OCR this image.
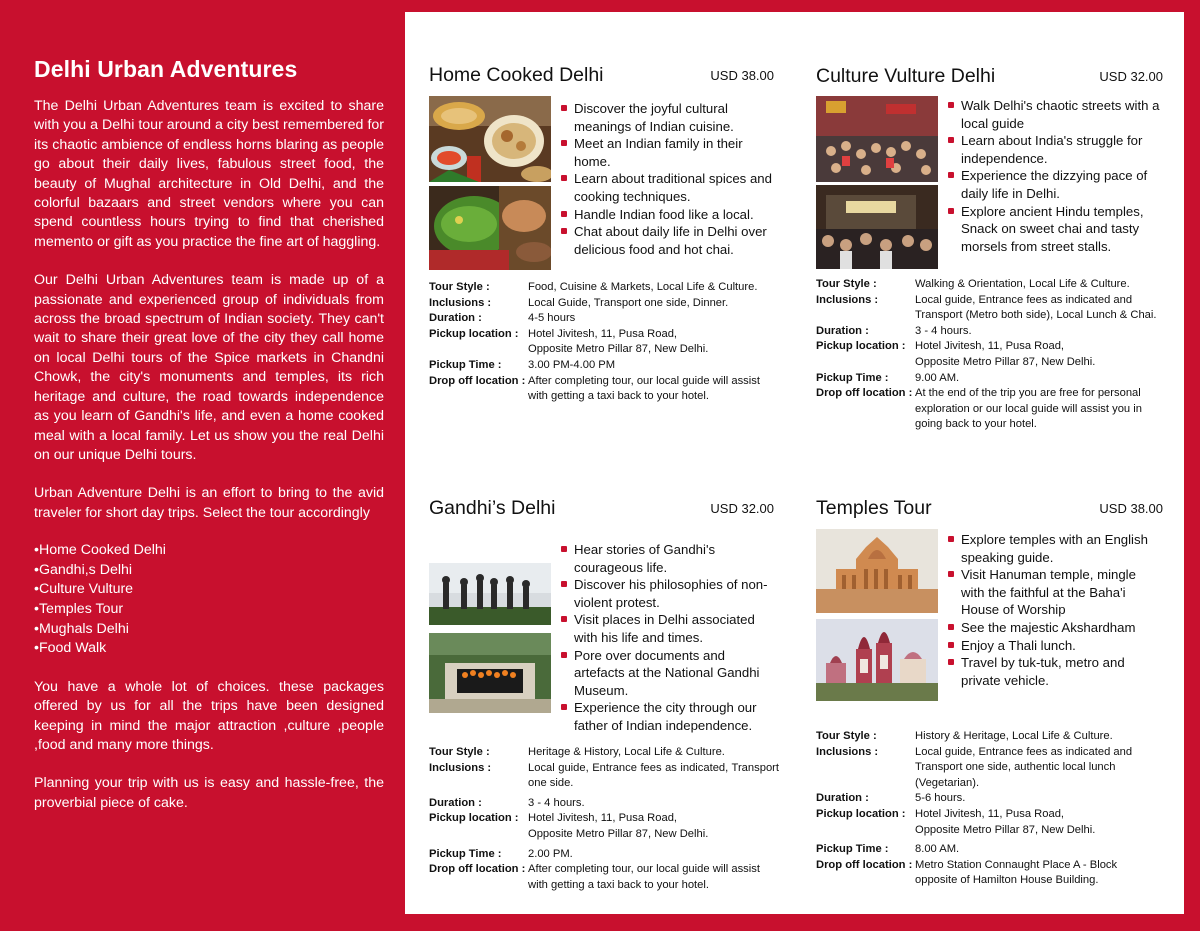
Delhi Urban Adventures

The Delhi Urban Adventures team is excited to share with you a Delhi tour around a city best remembered for its chaotic ambience of endless horns blaring as people go about their daily lives, fabulous street food, the beauty of Mughal architecture in Old Delhi, and the colorful bazaars and street vendors where you can spend countless hours trying to find that cherished memento or gift as you practice the fine art of haggling.

Our Delhi Urban Adventures team is made up of a passionate and experienced group of individuals from across the broad spectrum of Indian society. They can't wait to share their great love of the city they call home on local Delhi tours of the Spice markets in Chandni Chowk, the city's monuments and temples, its rich heritage and culture, the road towards independence as you learn of Gandhi's life, and even a home cooked meal with a local family. Let us show you the real Delhi on our unique Delhi tours.

Urban Adventure Delhi is an effort to bring to the avid traveler for short day trips. Select the tour accordingly

• Home Cooked Delhi
• Gandhi,s Delhi
• Culture Vulture
• Temples Tour
• Mughals Delhi
• Food Walk

You have a whole lot of choices. these packages offered by us for all the trips have been designed keeping in mind the major attraction ,culture ,people ,food and many more things.

Planning your trip with us is easy and hassle-free, the proverbial piece of cake.

Home Cooked Delhi	USD 38.00
Discover the joyful cultural meanings of Indian cuisine.
Meet an Indian family in their home.
Learn about traditional spices and cooking techniques.
Handle Indian food like a local.
Chat about daily life in Delhi over delicious food and hot chai.
Tour Style :	Food, Cuisine & Markets, Local Life & Culture.
Inclusions :	Local Guide, Transport one side, Dinner.
Duration :	4-5 hours
Pickup location : Hotel Jivitesh, 11, Pusa Road, Opposite Metro Pillar 87, New Delhi.
Pickup Time :	3.00 PM-4.00 PM
Drop off location : After completing tour, our local guide will assist with getting a taxi back to your hotel.
Culture Vulture Delhi	USD 32.00
Walk Delhi's chaotic streets with a local guide
Learn about India's struggle for independence.
Experience the dizzying pace of daily life in Delhi.
Explore ancient Hindu temples, Snack on sweet chai and tasty morsels from street stalls.
Tour Style :	Walking & Orientation, Local Life & Culture.
Inclusions :	Local guide, Entrance fees as indicated and Transport (Metro both side), Local Lunch & Chai.
Duration :	3 - 4 hours.
Pickup location : Hotel Jivitesh, 11, Pusa Road, Opposite Metro Pillar 87, New Delhi.
Pickup Time :	9.00 AM.
Drop off location : At the end of the trip you are free for personal exploration or our local guide will assist you in going back to your hotel.
Gandhi’s Delhi	USD 32.00
Hear stories of Gandhi's courageous life.
Discover his philosophies of non-violent protest.
Visit places in Delhi associated with his life and times.
Pore over documents and artefacts at the National Gandhi Museum.
Experience the city through our father of Indian independence.
Tour Style :	Heritage & History, Local Life & Culture.
Inclusions :	Local guide, Entrance fees as indicated, Transport one side.
Duration :	3 - 4 hours.
Pickup location : Hotel Jivitesh, 11, Pusa Road, Opposite Metro Pillar 87, New Delhi.
Pickup Time :	2.00 PM.
Drop off location : After completing tour, our local guide will assist with getting a taxi back to your hotel.
Temples Tour	USD 38.00
Explore temples with an English speaking guide.
Visit Hanuman temple, mingle with the faithful at the Baha'i House of Worship
See the majestic Akshardham
Enjoy a Thali lunch.
Travel by tuk-tuk, metro and private vehicle.
Tour Style :	History & Heritage, Local Life & Culture.
Inclusions :	Local guide, Entrance fees as indicated and Transport one side, authentic local lunch (Vegetarian).
Duration :	5-6 hours.
Pickup location : Hotel Jivitesh, 11, Pusa Road, Opposite Metro Pillar 87, New Delhi.
Pickup Time :	8.00 AM.
Drop off location : Metro Station Connaught Place A - Block opposite of Hamilton House Building.
